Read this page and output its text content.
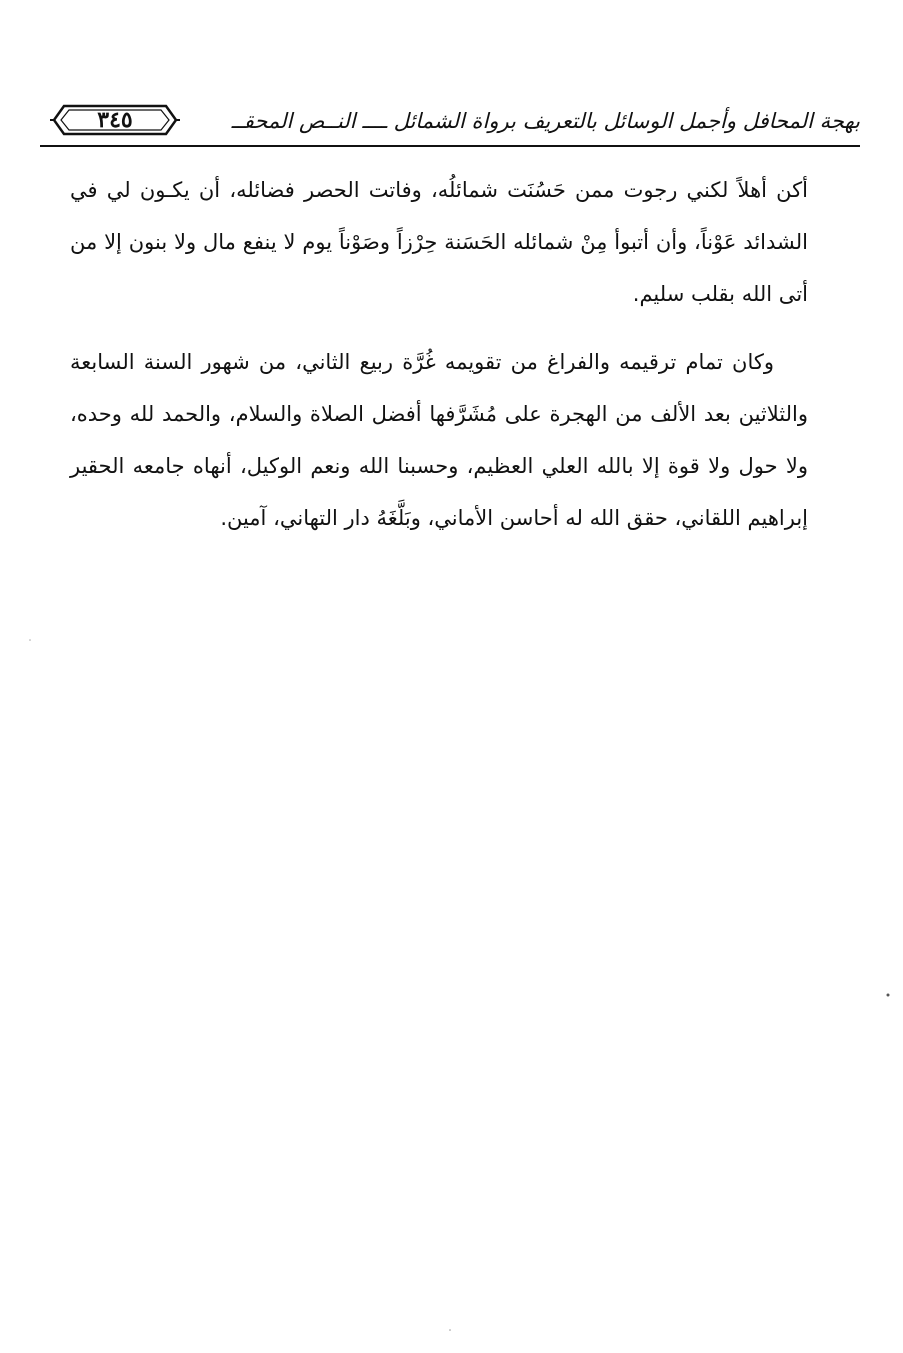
بهجة المحافل وأجمل الوسائل بالتعريف برواة الشمائل ــــ النــص المحقــ
٣٤٥

أكن أهلاً لكني رجوت ممن حَسُنَت شمائلُه، وفاتت الحصر فضائله، أن يكـون لي في الشدائد عَوْناً، وأن أتبوأ مِنْ شمائله الحَسَنة حِرْزاً وصَوْناً يوم لا ينفع مال ولا بنون إلا من أتى الله بقلب سليم.

وكان تمام ترقيمه والفراغ من تقويمه غُرَّة ربيع الثاني، من شهور السنة السابعة والثلاثين بعد الألف من الهجرة على مُشَرَّفها أفضل الصلاة والسلام، والحمد لله وحده، ولا حول ولا قوة إلا بالله العلي العظيم، وحسبنا الله ونعم الوكيل، أنهاه جامعه الحقير إبراهيم اللقاني، حقق الله له أحاسن الأماني، وبَلَّغَهُ دار التهاني، آمين.
